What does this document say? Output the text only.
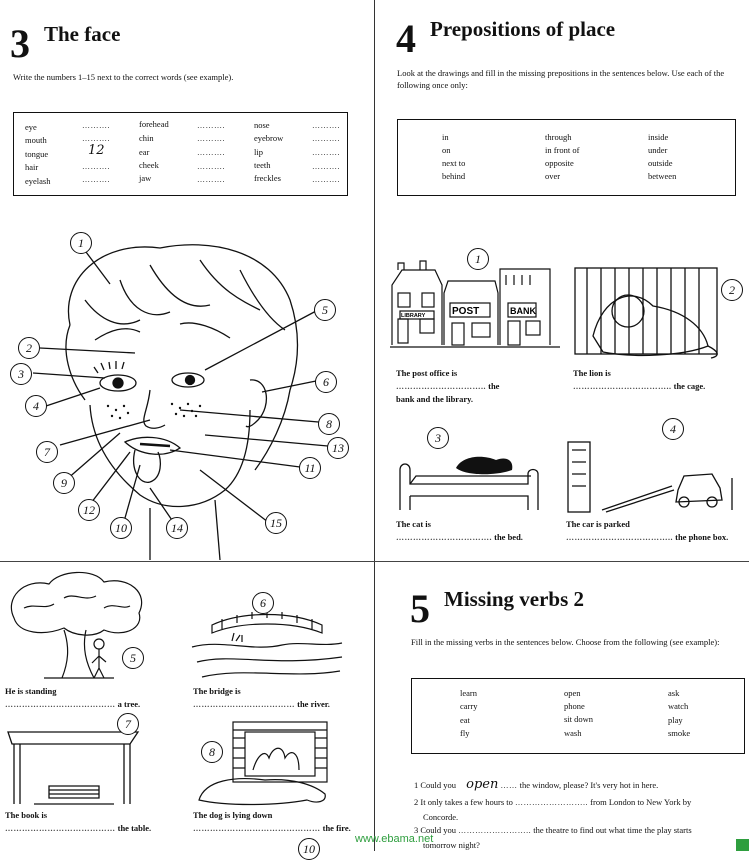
3 The face
Write the numbers 1–15 next to the correct words (see example).
eye	forehead	nose
mouth	chin	eyebrow
tongue	ear	lip
hair	cheek	teeth
eyelash	jaw	freckles
……….
……….
12
……….
……….
……….
……….
……….
……….
……….
……….
……….
……….
……….
……….
1
2
3
4
5
6
7
8
9
10
11
12
13
14	15
4 Prepositions of place
Look at the drawings and fill in the missing prepositions in the sentences below. Use each of the following once only:
in	through	inside
on	in front of	under
next to	opposite	outside
behind	over	between
LIBRARY	POST	BANK
1
2
The post office is
………………………….. the
bank and the library.
The lion is
…………………………….. the cage.
3
4
The cat is
……………………………. the bed.
The car is parked
……………………………….. the phone box.
5
6
He is standing
………………………………… a tree.
The bridge is
……………………………… the river.
7
8
The book is
………………………………… the table.
The dog is lying down
……………………………………… the fire.
10
5 Missing verbs 2
Fill in the missing verbs in the sentences below. Choose from the following (see example):
learn	open	ask
carry	phone	watch
eat	sit down	play
fly	wash	smoke
1 Could you open …… the window, please? It's very hot in here.
2 It only takes a few hours to …………………….. from London to New York by
Concorde.
3 Could you …………………….. the theatre to find out what time the play starts
tomorrow night?
www.ebama.net
